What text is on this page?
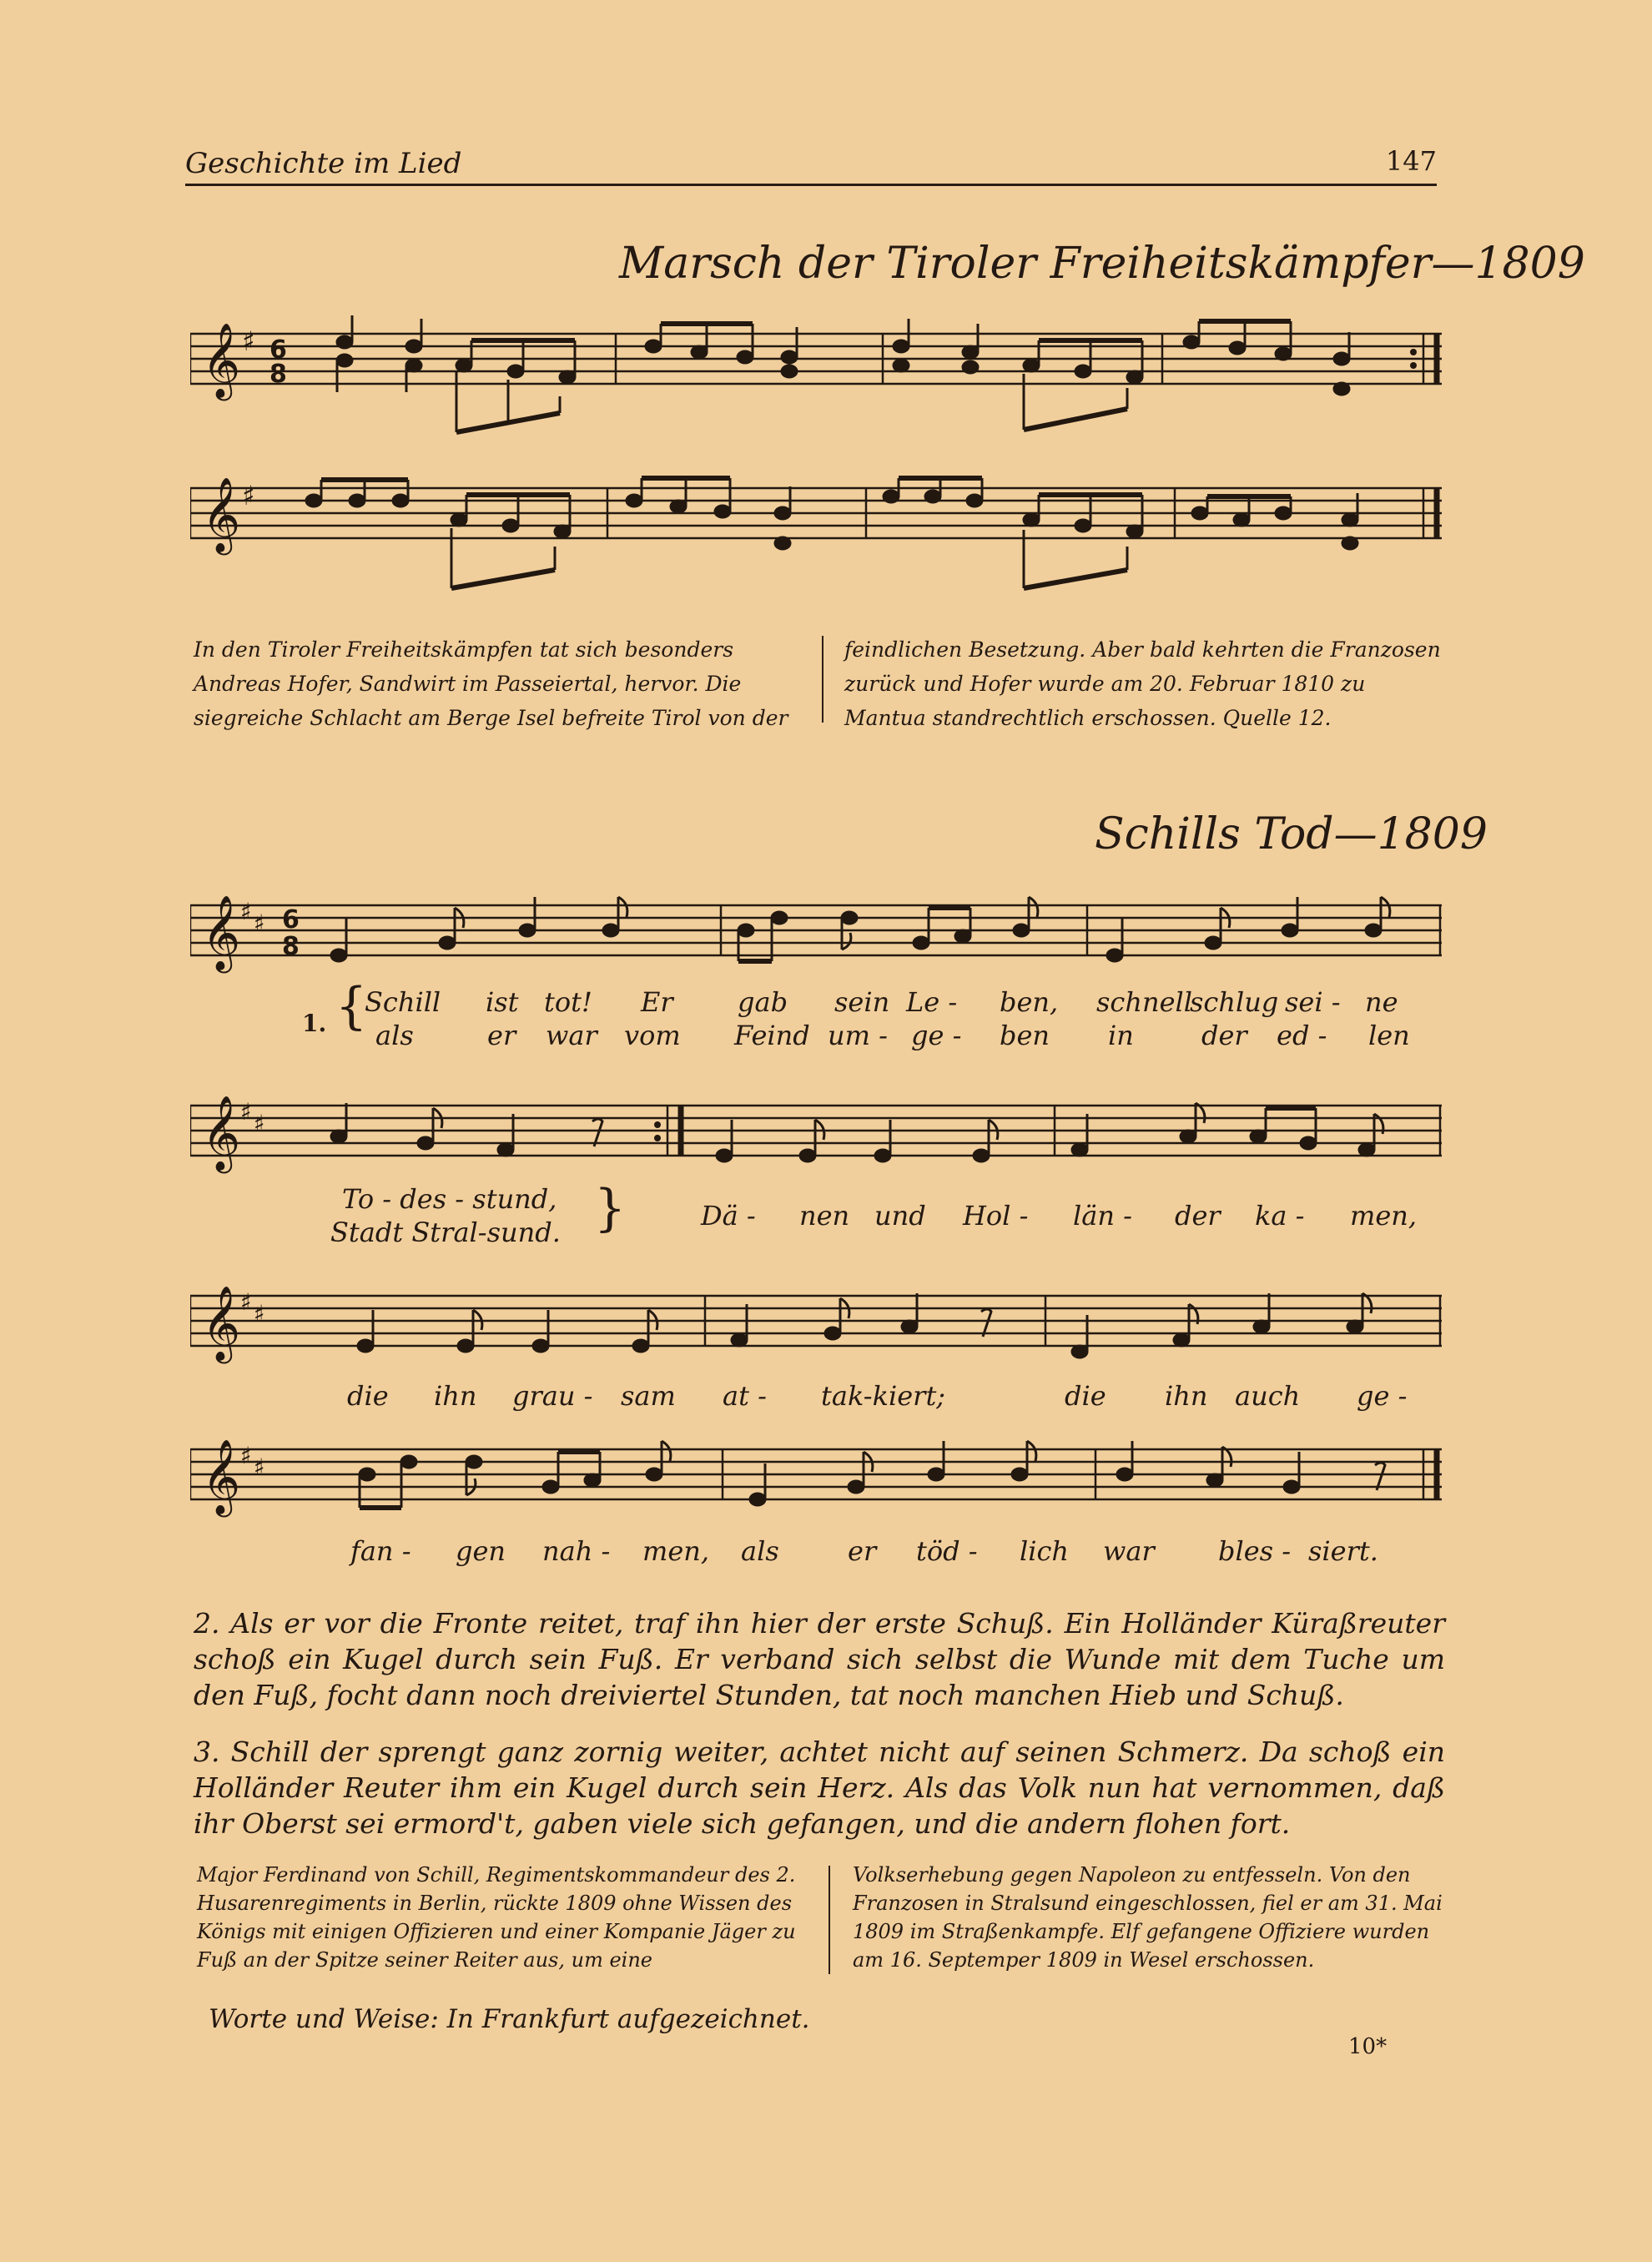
Geschichte im Lied	147
Marsch der Tiroler Freiheitskämpfer—1809
𝄞 ♯ 6
8
𝄞 ♯
In den Tiroler Freiheitskämpfen tat sich besonders Andreas Hofer, Sandwirt im Passeiertal, hervor. Die siegreiche Schlacht am Berge Isel befreite Tirol von der
feindlichen Besetzung. Aber bald kehrten die Franzosen zurück und Hofer wurde am 20. Februar 1810 zu Mantua standrechtlich erschossen. Quelle 12.
Schills Tod—1809
𝄞 ♯ ♯ 6
8
1. {
Schill ist tot! Er gab sein Le - ben, schnell
schlug sei - ne
als	er war vom Feind um - ge - ben in	der ed - len
𝄞 ♯ ♯
To - des - stund,
Stadt Stral-sund. }	Dä - nen und Hol - län - der ka - men,
𝄞 ♯ ♯
die ihn grau - sam at - tak-kiert;	die ihn auch ge -
𝄞 ♯ ♯
fan - gen nah - men, als	er töd - lich war bles - siert.
2. Als er vor die Fronte reitet, traf ihn hier der erste Schuß. Ein Holländer Küraßreuter schoß ein Kugel durch sein Fuß. Er verband sich selbst die Wunde mit dem Tuche um den Fuß, focht dann noch dreiviertel Stunden, tat noch manchen Hieb und Schuß.
3. Schill der sprengt ganz zornig weiter, achtet nicht auf seinen Schmerz. Da schoß ein Holländer Reuter ihm ein Kugel durch sein Herz. Als das Volk nun hat vernommen, daß ihr Oberst sei ermord't, gaben viele sich gefangen, und die andern flohen fort.
Major Ferdinand von Schill, Regimentskommandeur des 2. Husarenregiments in Berlin, rückte 1809 ohne Wissen des Königs mit einigen Offizieren und einer Kompanie Jäger zu Fuß an der Spitze seiner Reiter aus, um eine
Volkserhebung gegen Napoleon zu entfesseln. Von den Franzosen in Stralsund eingeschlossen, fiel er am 31. Mai 1809 im Straßenkampfe. Elf gefangene Offiziere wurden am 16. Septemper 1809 in Wesel erschossen.
Worte und Weise: In Frankfurt aufgezeichnet.
10*
